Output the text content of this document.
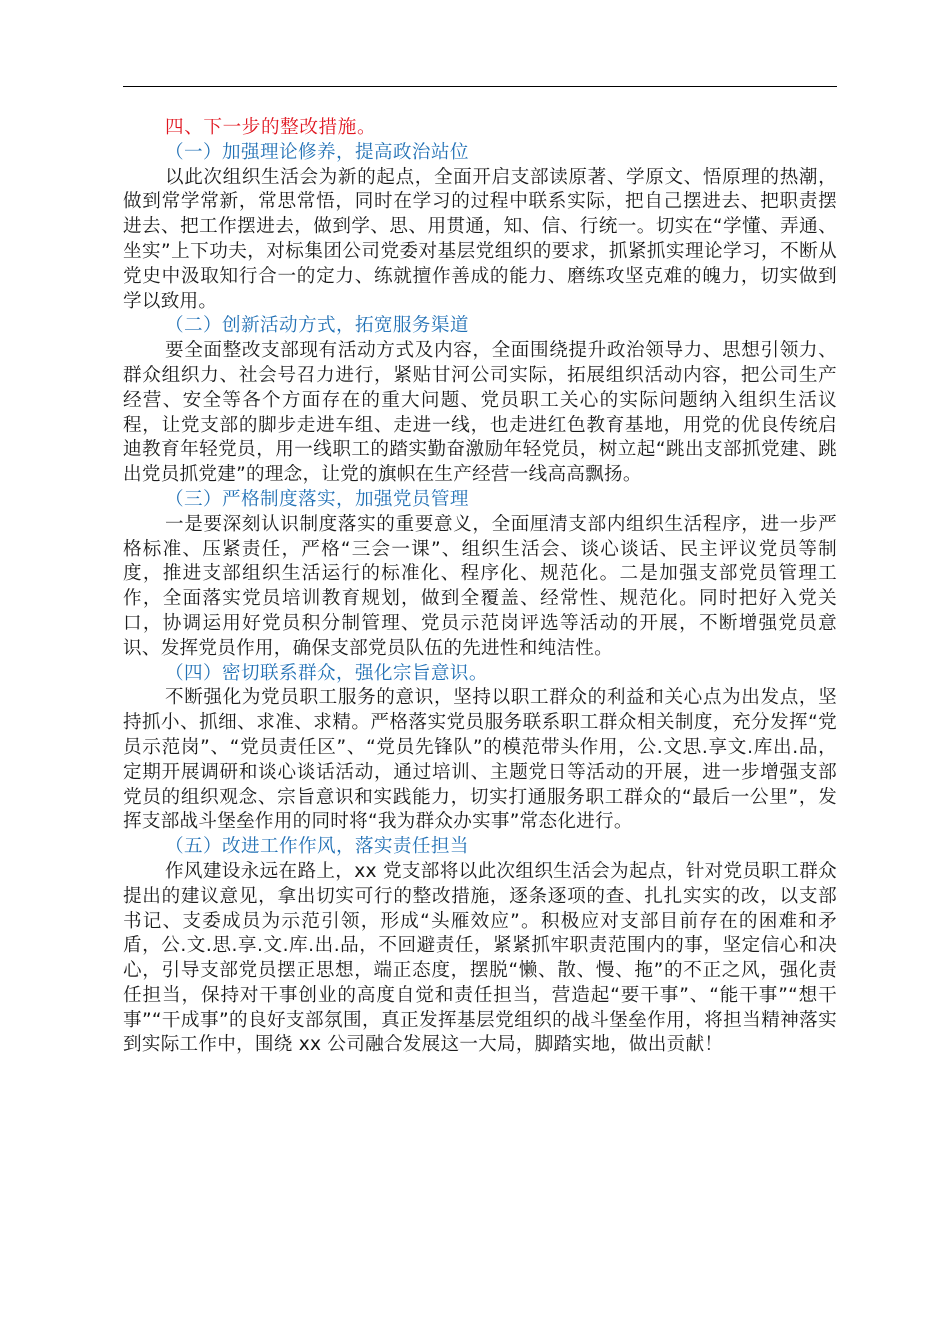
四、下一步的整改措施。

（一）加强理论修养，提高政治站位

以此次组织生活会为新的起点，全面开启支部读原著、学原文、悟原理的热潮，做到常学常新，常思常悟，同时在学习的过程中联系实际，把自己摆进去、把职责摆进去、把工作摆进去，做到学、思、用贯通，知、信、行统一。切实在“学懂、弄通、坐实”上下功夫，对标集团公司党委对基层党组织的要求，抓紧抓实理论学习，不断从党史中汲取知行合一的定力、练就擅作善成的能力、磨练攻坚克难的魄力，切实做到学以致用。

（二）创新活动方式，拓宽服务渠道

要全面整改支部现有活动方式及内容，全面围绕提升政治领导力、思想引领力、群众组织力、社会号召力进行，紧贴甘河公司实际，拓展组织活动内容，把公司生产经营、安全等各个方面存在的重大问题、党员职工关心的实际问题纳入组织生活议程，让党支部的脚步走进车组、走进一线，也走进红色教育基地，用党的优良传统启迪教育年轻党员，用一线职工的踏实勤奋激励年轻党员，树立起“跳出支部抓党建、跳出党员抓党建”的理念，让党的旗帜在生产经营一线高高飘扬。

（三）严格制度落实，加强党员管理

一是要深刻认识制度落实的重要意义，全面厘清支部内组织生活程序，进一步严格标准、压紧责任，严格“三会一课”、组织生活会、谈心谈话、民主评议党员等制度，推进支部组织生活运行的标准化、程序化、规范化。二是加强支部党员管理工作，全面落实党员培训教育规划，做到全覆盖、经常性、规范化。同时把好入党关口，协调运用好党员积分制管理、党员示范岗评选等活动的开展，不断增强党员意识、发挥党员作用，确保支部党员队伍的先进性和纯洁性。

（四）密切联系群众，强化宗旨意识。

不断强化为党员职工服务的意识，坚持以职工群众的利益和关心点为出发点，坚持抓小、抓细、求准、求精。严格落实党员服务联系职工群众相关制度，充分发挥“党员示范岗”、“党员责任区”、“党员先锋队”的模范带头作用，公.文思.享文.库出.品，定期开展调研和谈心谈话活动，通过培训、主题党日等活动的开展，进一步增强支部党员的组织观念、宗旨意识和实践能力，切实打通服务职工群众的“最后一公里”，发挥支部战斗堡垒作用的同时将“我为群众办实事”常态化进行。

（五）改进工作作风，落实责任担当

作风建设永远在路上，xx 党支部将以此次组织生活会为起点，针对党员职工群众提出的建议意见，拿出切实可行的整改措施，逐条逐项的查、扎扎实实的改，以支部书记、支委成员为示范引领，形成“头雁效应”。积极应对支部目前存在的困难和矛盾，公.文.思.享.文.库.出.品，不回避责任，紧紧抓牢职责范围内的事，坚定信心和决心，引导支部党员摆正思想，端正态度，摆脱“懒、散、慢、拖”的不正之风，强化责任担当，保持对干事创业的高度自觉和责任担当，营造起“要干事”、“能干事”“想干事”“干成事”的良好支部氛围，真正发挥基层党组织的战斗堡垒作用，将担当精神落实到实际工作中，围绕 xx 公司融合发展这一大局，脚踏实地，做出贡献！
